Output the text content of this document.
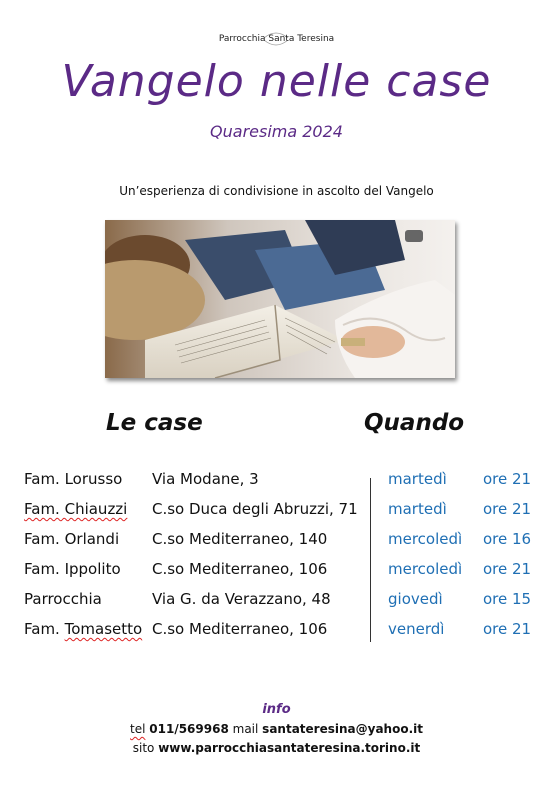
Parrocchia Santa Teresina
Vangelo nelle case
Quaresima 2024
Un’esperienza di condivisione in ascolto del Vangelo
Le case	Quando
Fam. Lorusso Via Modane, 3	martedì ore 21
Fam. Chiauzzi C.so Duca degli Abruzzi, 71 martedì ore 21
Fam. Orlandi C.so Mediterraneo, 140	mercoledì ore 16
Fam. Ippolito C.so Mediterraneo, 106	mercoledì ore 21
Parrocchia	Via G. da Verazzano, 48	giovedì	ore 15
Fam. Tomasetto C.so Mediterraneo, 106	venerdì	ore 21
info
tel 011/569968 mail santateresina@yahoo.it
sito www.parrocchiasantateresina.torino.it
